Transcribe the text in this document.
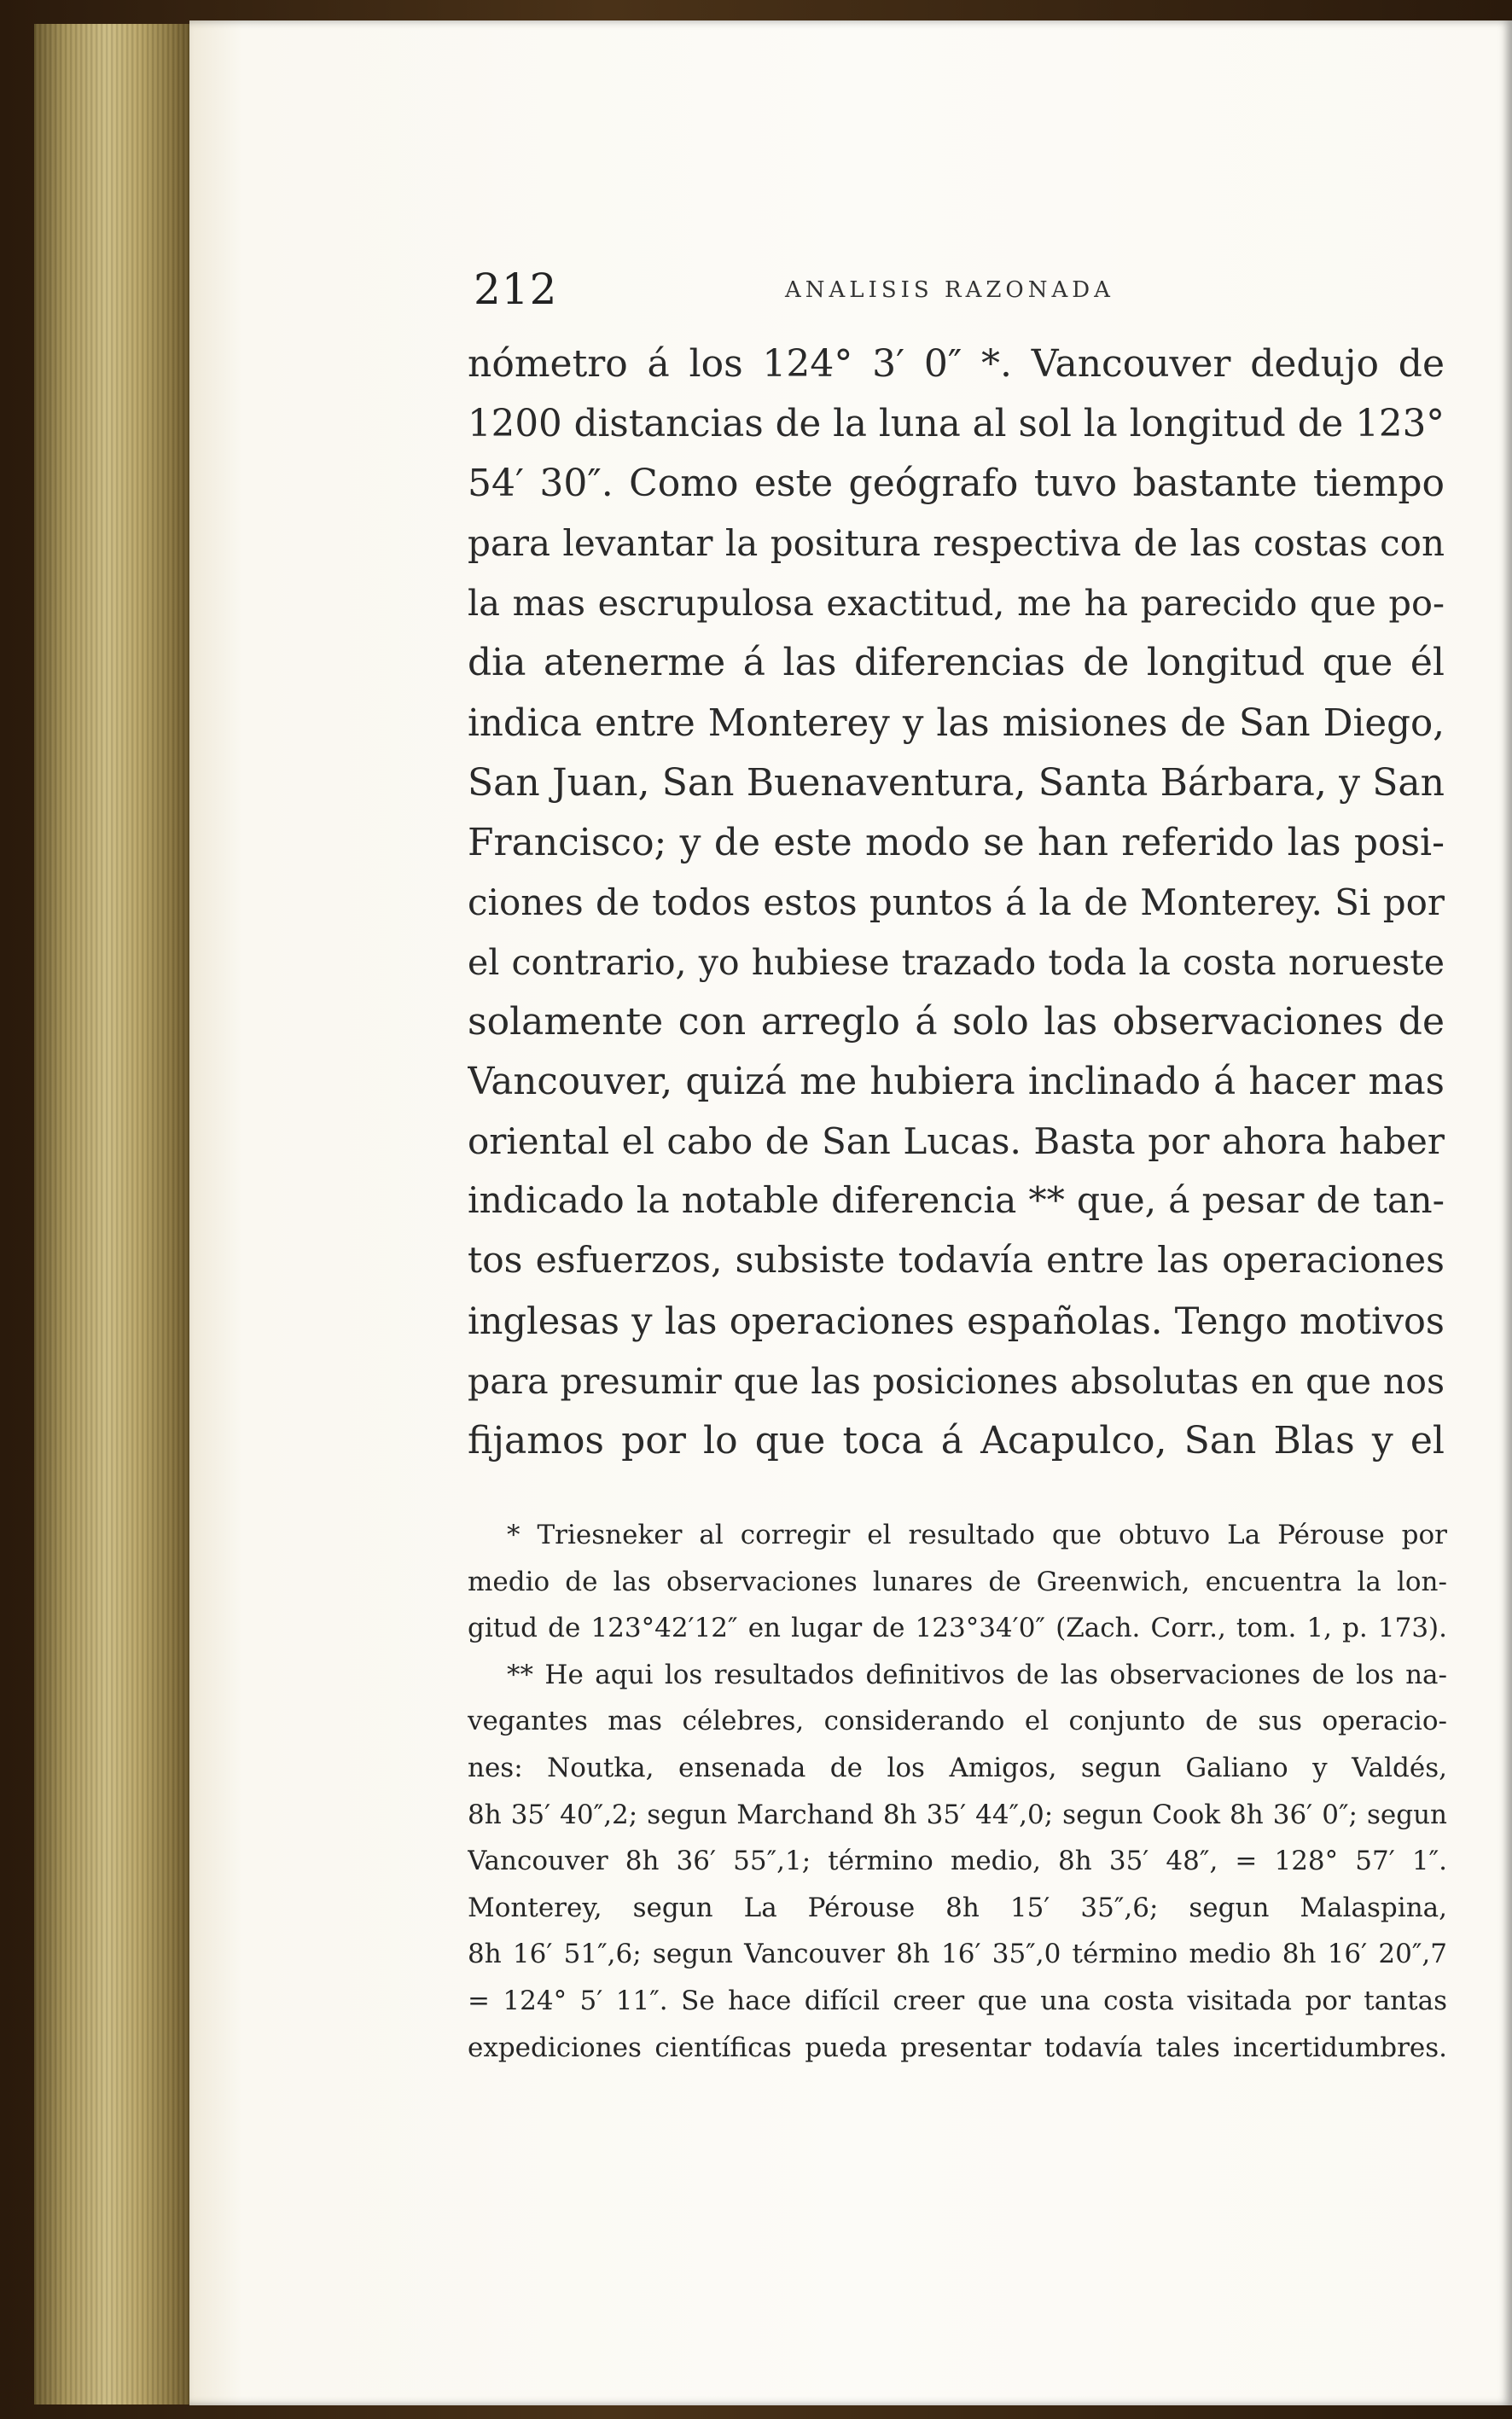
212	ANALISIS RAZONADA
nómetro á los 124° 3′ 0″ *. Vancouver dedujo de
1200 distancias de la luna al sol la longitud de 123°
54′ 30″. Como este geógrafo tuvo bastante tiempo
para levantar la positura respectiva de las costas con
la mas escrupulosa exactitud, me ha parecido que po-
dia atenerme á las diferencias de longitud que él
indica entre Monterey y las misiones de San Diego,
San Juan, San Buenaventura, Santa Bárbara, y San
Francisco; y de este modo se han referido las posi-
ciones de todos estos puntos á la de Monterey. Si por
el contrario, yo hubiese trazado toda la costa norueste
solamente con arreglo á solo las observaciones de
Vancouver, quizá me hubiera inclinado á hacer mas
oriental el cabo de San Lucas. Basta por ahora haber
indicado la notable diferencia ** que, á pesar de tan-
tos esfuerzos, subsiste todavía entre las operaciones
inglesas y las operaciones españolas. Tengo motivos
para presumir que las posiciones absolutas en que nos
fijamos por lo que toca á Acapulco, San Blas y el
* Triesneker al corregir el resultado que obtuvo La Pérouse por
medio de las observaciones lunares de Greenwich, encuentra la lon-
gitud de 123°42′12″ en lugar de 123°34′0″ (Zach. Corr., tom. 1, p. 173).
** He aqui los resultados definitivos de las observaciones de los na-
vegantes mas célebres, considerando el conjunto de sus operacio-
nes: Noutka, ensenada de los Amigos, segun Galiano y Valdés,
8h 35′ 40″,2; segun Marchand 8h 35′ 44″,0; segun Cook 8h 36′ 0″; segun
Vancouver 8h 36′ 55″,1; término medio, 8h 35′ 48″, = 128° 57′ 1″.
Monterey, segun La Pérouse 8h 15′ 35″,6; segun Malaspina,
8h 16′ 51″,6; segun Vancouver 8h 16′ 35″,0 término medio 8h 16′ 20″,7
= 124° 5′ 11″. Se hace difícil creer que una costa visitada por tantas
expediciones científicas pueda presentar todavía tales incertidumbres.
